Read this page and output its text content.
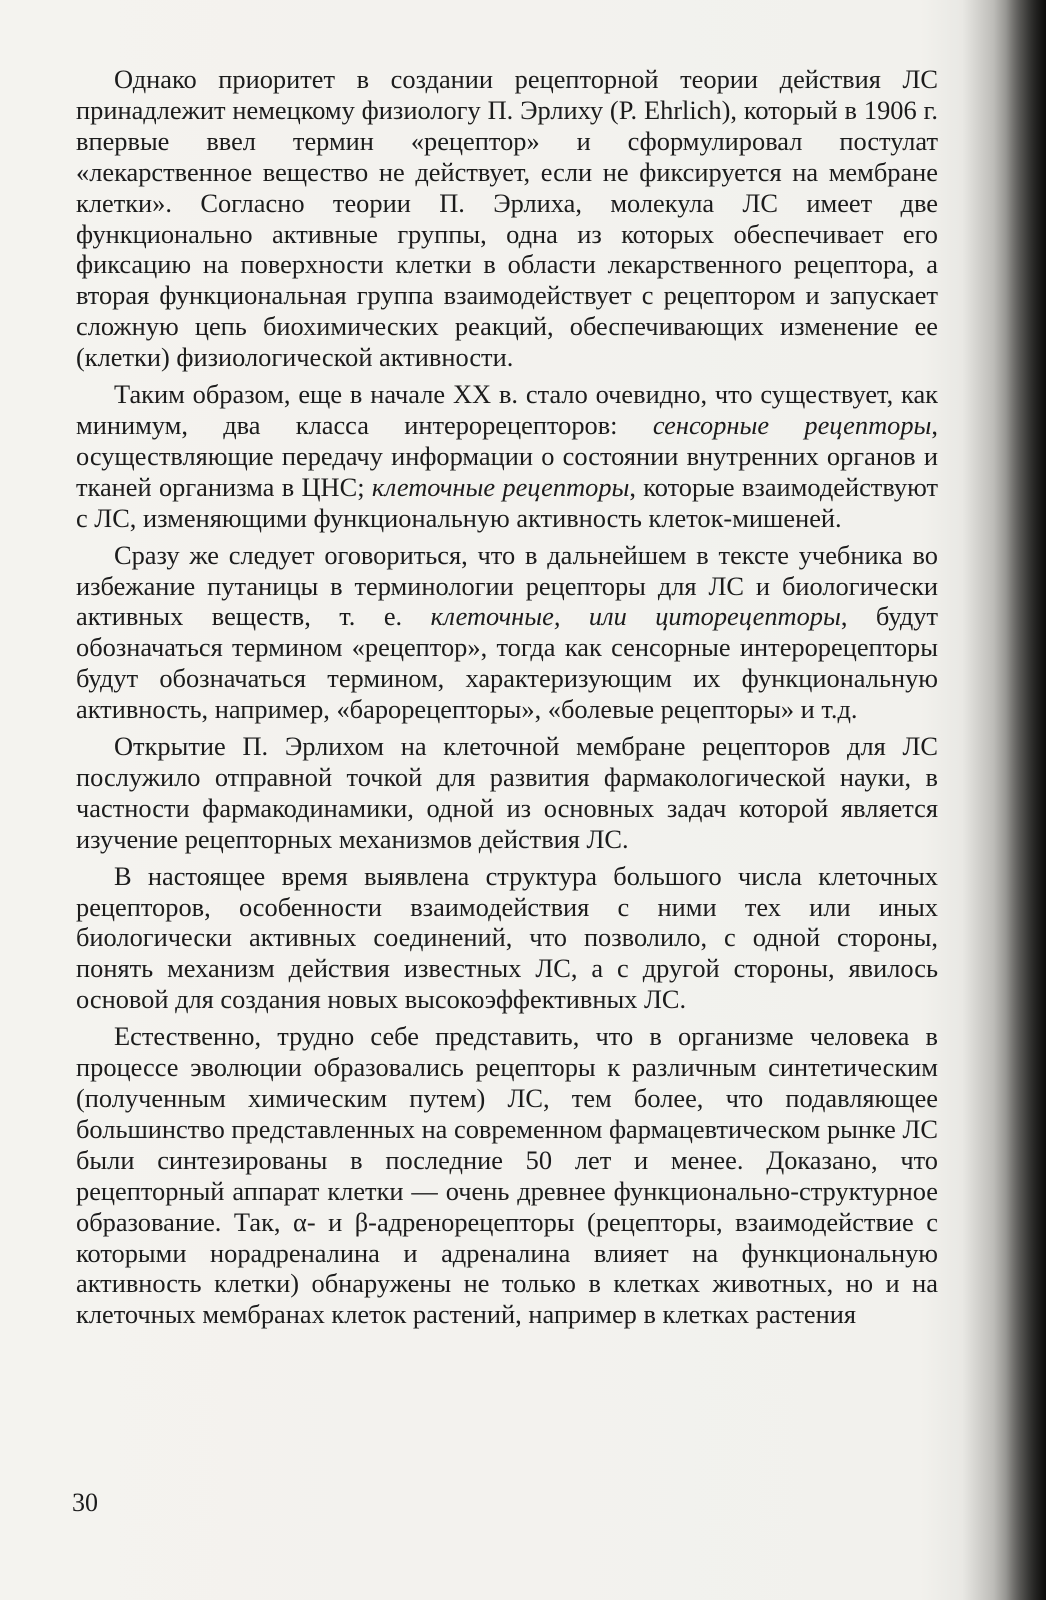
Однако приоритет в создании рецепторной теории действия ЛС принадлежит немецкому физиологу П. Эрлиху (P. Ehrlich), который в 1906 г. впервые ввел термин «рецептор» и сформулировал постулат «лекарственное вещество не действует, если не фиксируется на мембране клетки». Согласно теории П. Эрлиха, молекула ЛС имеет две функционально активные группы, одна из которых обеспечивает его фиксацию на поверхности клетки в области лекарственного рецептора, а вторая функциональная группа взаимодействует с рецептором и запускает сложную цепь биохимических реакций, обеспечивающих изменение ее (клетки) физиологической активности.

Таким образом, еще в начале XX в. стало очевидно, что существует, как минимум, два класса интерорецепторов: сенсорные рецепторы, осуществляющие передачу информации о состоянии внутренних органов и тканей организма в ЦНС; клеточные рецепторы, которые взаимодействуют с ЛС, изменяющими функциональную активность клеток-мишеней.

Сразу же следует оговориться, что в дальнейшем в тексте учебника во избежание путаницы в терминологии рецепторы для ЛС и биологически активных веществ, т. е. клеточные, или циторецепторы, будут обозначаться термином «рецептор», тогда как сенсорные интерорецепторы будут обозначаться термином, характеризующим их функциональную активность, например, «барорецепторы», «болевые рецепторы» и т.д.

Открытие П. Эрлихом на клеточной мембране рецепторов для ЛС послужило отправной точкой для развития фармакологической науки, в частности фармакодинамики, одной из основных задач которой является изучение рецепторных механизмов действия ЛС.

В настоящее время выявлена структура большого числа клеточных рецепторов, особенности взаимодействия с ними тех или иных биологически активных соединений, что позволило, с одной стороны, понять механизм действия известных ЛС, а с другой стороны, явилось основой для создания новых высокоэффективных ЛС.

Естественно, трудно себе представить, что в организме человека в процессе эволюции образовались рецепторы к различным синтетическим (полученным химическим путем) ЛС, тем более, что подавляющее большинство представленных на современном фармацевтическом рынке ЛС были синтезированы в последние 50 лет и менее. Доказано, что рецепторный аппарат клетки — очень древнее функционально-структурное образование. Так, α- и β-адренорецепторы (рецепторы, взаимодействие с которыми норадреналина и адреналина влияет на функциональную активность клетки) обнаружены не только в клетках животных, но и на клеточных мембранах клеток растений, например в клетках растения

30
